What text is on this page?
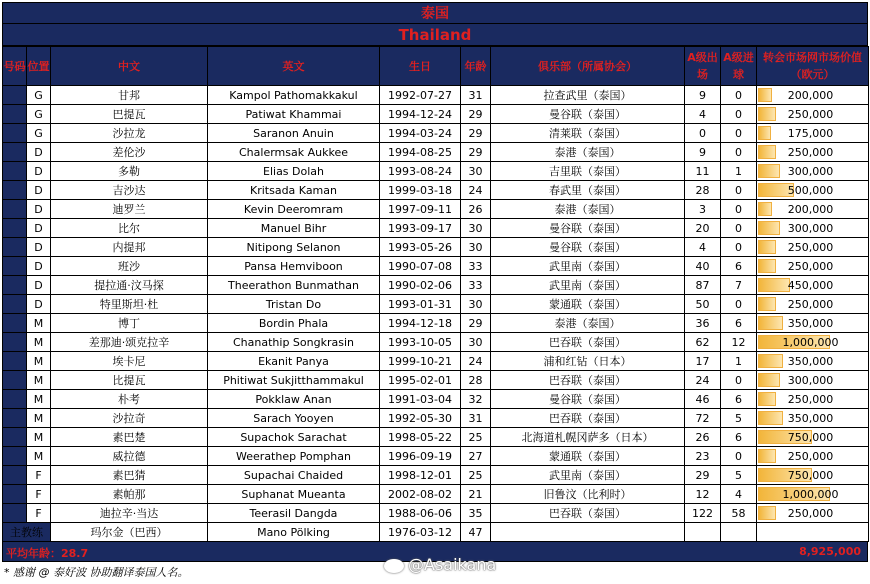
泰国
Thailand
号码	位置	中文	英文	生日	年龄	俱乐部（所属协会）	A级出场	A级进球	转会市场网市场价值（欧元）
	G	甘邦	Kampol Pathomakkakul	1992-07-27	31	拉查武里（泰国）	9	0	200,000
	G	巴提瓦	Patiwat Khammai	1994-12-24	29	曼谷联（泰国）	4	0	250,000
	G	沙拉龙	Saranon Anuin	1994-03-24	29	清莱联（泰国）	0	0	175,000
	D	差伦沙	Chalermsak Aukkee	1994-08-25	29	泰港（泰国）	9	0	250,000
	D	多勒	Elias Dolah	1993-08-24	30	吉里联（泰国）	11	1	300,000
	D	吉沙达	Kritsada Kaman	1999-03-18	24	春武里（泰国）	28	0	500,000
	D	迪罗兰	Kevin Deeromram	1997-09-11	26	泰港（泰国）	3	0	200,000
	D	比尔	Manuel Bihr	1993-09-17	30	曼谷联（泰国）	20	0	300,000
	D	内提邦	Nitipong Selanon	1993-05-26	30	曼谷联（泰国）	4	0	250,000
	D	班沙	Pansa Hemviboon	1990-07-08	33	武里南（泰国）	40	6	250,000
	D	提拉通·汶马探	Theerathon Bunmathan	1990-02-06	33	武里南（泰国）	87	7	450,000
	D	特里斯坦·杜	Tristan Do	1993-01-31	30	蒙通联（泰国）	50	0	250,000
	M	博丁	Bordin Phala	1994-12-18	29	泰港（泰国）	36	6	350,000
	M	差那迪·颂克拉辛	Chanathip Songkrasin	1993-10-05	30	巴吞联（泰国）	62	12	1,000,000
	M	埃卡尼	Ekanit Panya	1999-10-21	24	浦和红钻（日本）	17	1	350,000
	M	比提瓦	Phitiwat Sukjitthammakul	1995-02-01	28	巴吞联（泰国）	24	0	300,000
	M	朴考	Pokklaw Anan	1991-03-04	32	曼谷联（泰国）	46	6	250,000
	M	沙拉奇	Sarach Yooyen	1992-05-30	31	巴吞联（泰国）	72	5	350,000
	M	素巴楚	Supachok Sarachat	1998-05-22	25	北海道札幌冈萨多（日本）	26	6	750,000
	M	威拉德	Weerathep Pomphan	1996-09-19	27	蒙通联（泰国）	23	0	250,000
	F	素巴猜	Supachai Chaided	1998-12-01	25	武里南（泰国）	29	5	750,000
	F	素帕那	Suphanat Mueanta	2002-08-02	21	旧鲁汶（比利时）	12	4	1,000,000
	F	迪拉辛·当达	Teerasil Dangda	1988-06-06	35	巴吞联（泰国）	122	58	250,000
主教练		玛尔金（巴西）	Mano Pölking	1976-03-12	47				
平均年龄：28.7	8,925,000
* 感谢 @ 泰好波 协助翻译泰国人名。	@Asaikana
